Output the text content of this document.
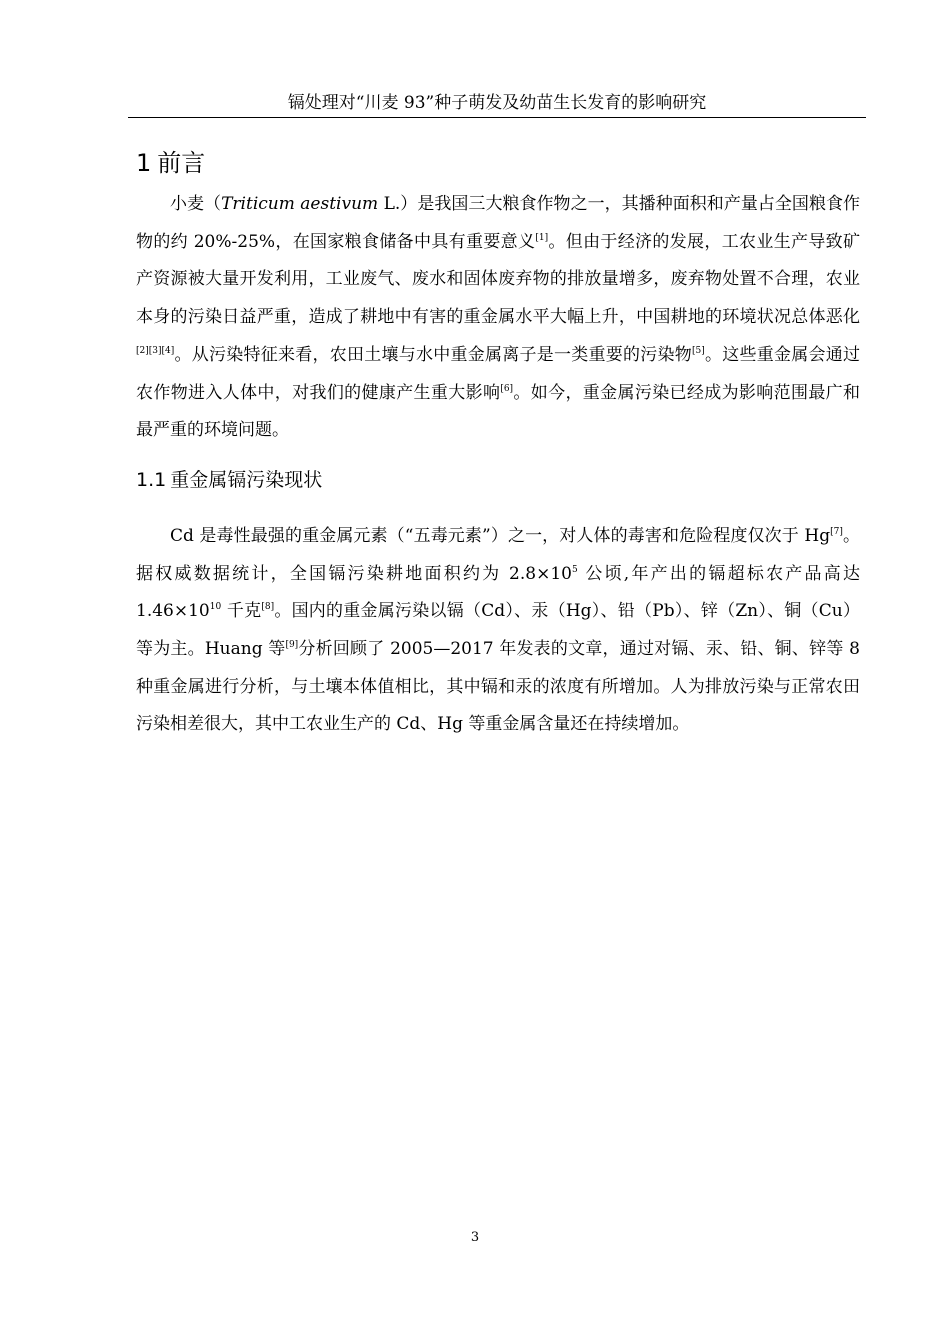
镉处理对“川麦 93”种子萌发及幼苗生长发育的影响研究
1 前言

小麦（Triticum aestivum L.）是我国三大粮食作物之一，其播种面积和产量占全国粮食作物的约 20%-25%，在国家粮食储备中具有重要意义[1]。但由于经济的发展，工农业生产导致矿产资源被大量开发利用，工业废气、废水和固体废弃物的排放量增多，废弃物处置不合理，农业本身的污染日益严重，造成了耕地中有害的重金属水平大幅上升，中国耕地的环境状况总体恶化[2][3][4]。从污染特征来看，农田土壤与水中重金属离子是一类重要的污染物[5]。这些重金属会通过农作物进入人体中，对我们的健康产生重大影响[6]。如今，重金属污染已经成为影响范围最广和最严重的环境问题。

1.1 重金属镉污染现状

Cd 是毒性最强的重金属元素（“五毒元素”）之一，对人体的毒害和危险程度仅次于 Hg[7]。据权威数据统计，全国镉污染耕地面积约为 $2.8\times 10^5$ 公顷,年产出的镉超标农产品高达 $1.46\times 10^{10}$ 千克[8]。国内的重金属污染以镉（Cd）、汞（Hg）、铅（Pb）、锌（Zn）、铜（Cu）等为主。Huang 等[9]分析回顾了 2005—2017 年发表的文章，通过对镉、汞、铅、铜、锌等 8 种重金属进行分析，与土壤本体值相比，其中镉和汞的浓度有所增加。人为排放污染与正常农田污染相差很大，其中工农业生产的 Cd、Hg 等重金属含量还在持续增加。

3
